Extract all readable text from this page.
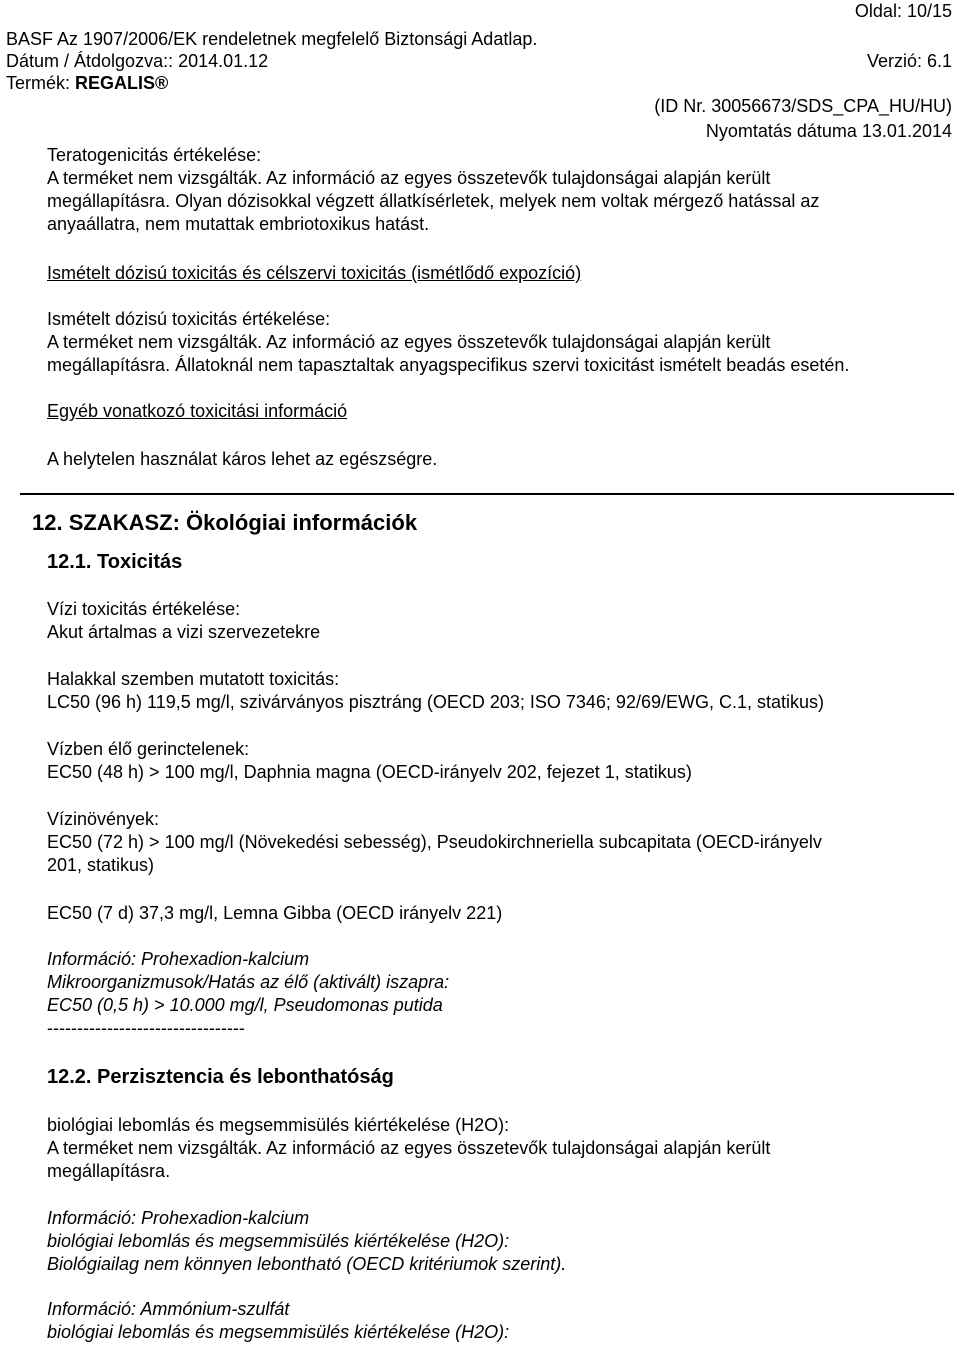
Oldal: 10/15
BASF Az 1907/2006/EK rendeletnek megfelelő Biztonsági Adatlap.
Dátum / Átdolgozva:: 2014.01.12	Verzió: 6.1
Termék: REGALIS®
(ID Nr. 30056673/SDS_CPA_HU/HU)
Nyomtatás dátuma 13.01.2014
Teratogenicitás értékelése:
A terméket nem vizsgálták. Az információ az egyes összetevők tulajdonságai alapján került
megállapításra. Olyan dózisokkal végzett állatkísérletek, melyek nem voltak mérgező hatással az
anyaállatra, nem mutattak embriotoxikus hatást.
Ismételt dózisú toxicitás és célszervi toxicitás (ismétlődő expozíció)
Ismételt dózisú toxicitás értékelése:
A terméket nem vizsgálták. Az információ az egyes összetevők tulajdonságai alapján került
megállapításra. Állatoknál nem tapasztaltak anyagspecifikus szervi toxicitást ismételt beadás esetén.
Egyéb vonatkozó toxicitási információ
A helytelen használat káros lehet az egészségre.
12. SZAKASZ: Ökológiai információk
12.1. Toxicitás
Vízi toxicitás értékelése:
Akut ártalmas a vizi szervezetekre
Halakkal szemben mutatott toxicitás:
LC50 (96 h) 119,5 mg/l, szivárványos pisztráng (OECD 203; ISO 7346; 92/69/EWG, C.1, statikus)
Vízben élő gerinctelenek:
EC50 (48 h) > 100 mg/l, Daphnia magna (OECD-irányelv 202, fejezet 1, statikus)
Vízinövények:
EC50 (72 h) > 100 mg/l (Növekedési sebesség), Pseudokirchneriella subcapitata (OECD-irányelv
201, statikus)
EC50 (7 d) 37,3 mg/l, Lemna Gibba (OECD irányelv 221)
Információ: Prohexadion-kalcium
Mikroorganizmusok/Hatás az élő (aktivált) iszapra:
EC50 (0,5 h) > 10.000 mg/l, Pseudomonas putida
---------------------------------
12.2. Perzisztencia és lebonthatóság
biológiai lebomlás és megsemmisülés kiértékelése (H2O):
A terméket nem vizsgálták. Az információ az egyes összetevők tulajdonságai alapján került
megállapításra.
Információ: Prohexadion-kalcium
biológiai lebomlás és megsemmisülés kiértékelése (H2O):
Biológiailag nem könnyen lebontható (OECD kritériumok szerint).
Információ: Ammónium-szulfát
biológiai lebomlás és megsemmisülés kiértékelése (H2O):
